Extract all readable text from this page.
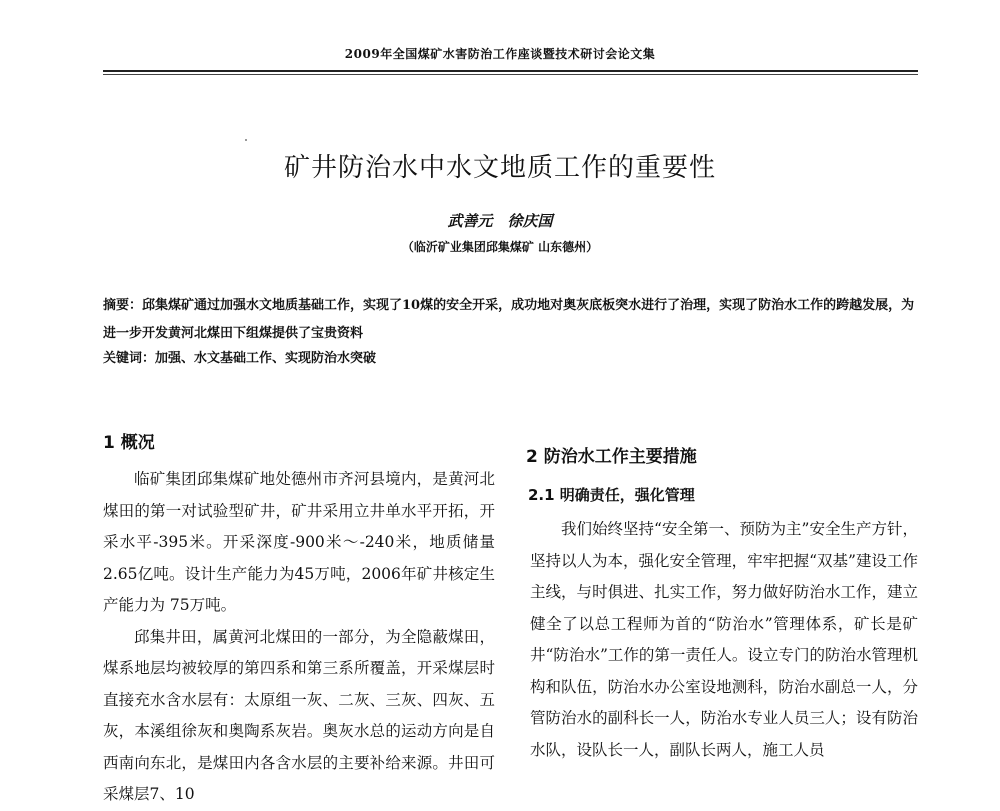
2009年全国煤矿水害防治工作座谈暨技术研讨会论文集
矿井防治水中水文地质工作的重要性
武善元　徐庆国
（临沂矿业集团邱集煤矿 山东德州）
摘要：邱集煤矿通过加强水文地质基础工作，实现了10煤的安全开采，成功地对奥灰底板突水进行了治理，实现了防治水工作的跨越发展，为进一步开发黄河北煤田下组煤提供了宝贵资料
关键词：加强、水文基础工作、实现防治水突破
1 概况

临矿集团邱集煤矿地处德州市齐河县境内，是黄河北煤田的第一对试验型矿井，矿井采用立井单水平开拓，开采水平-395米。开采深度-900米～-240米，地质储量2.65亿吨。设计生产能力为45万吨，2006年矿井核定生产能力为 75万吨。

邱集井田，属黄河北煤田的一部分，为全隐蔽煤田，煤系地层均被较厚的第四系和第三系所覆盖，开采煤层时直接充水含水层有：太原组一灰、二灰、三灰、四灰、五灰，本溪组徐灰和奥陶系灰岩。奥灰水总的运动方向是自西南向东北，是煤田内各含水层的主要补给来源。井田可采煤层7、10

2 防治水工作主要措施
2.1 明确责任，强化管理

我们始终坚持“安全第一、预防为主”安全生产方针，坚持以人为本，强化安全管理，牢牢把握“双基”建设工作主线，与时俱进、扎实工作，努力做好防治水工作，建立健全了以总工程师为首的“防治水”管理体系，矿长是矿井“防治水”工作的第一责任人。设立专门的防治水管理机构和队伍，防治水办公室设地测科，防治水副总一人，分管防治水的副科长一人，防治水专业人员三人；设有防治水队，设队长一人，副队长两人，施工人员
